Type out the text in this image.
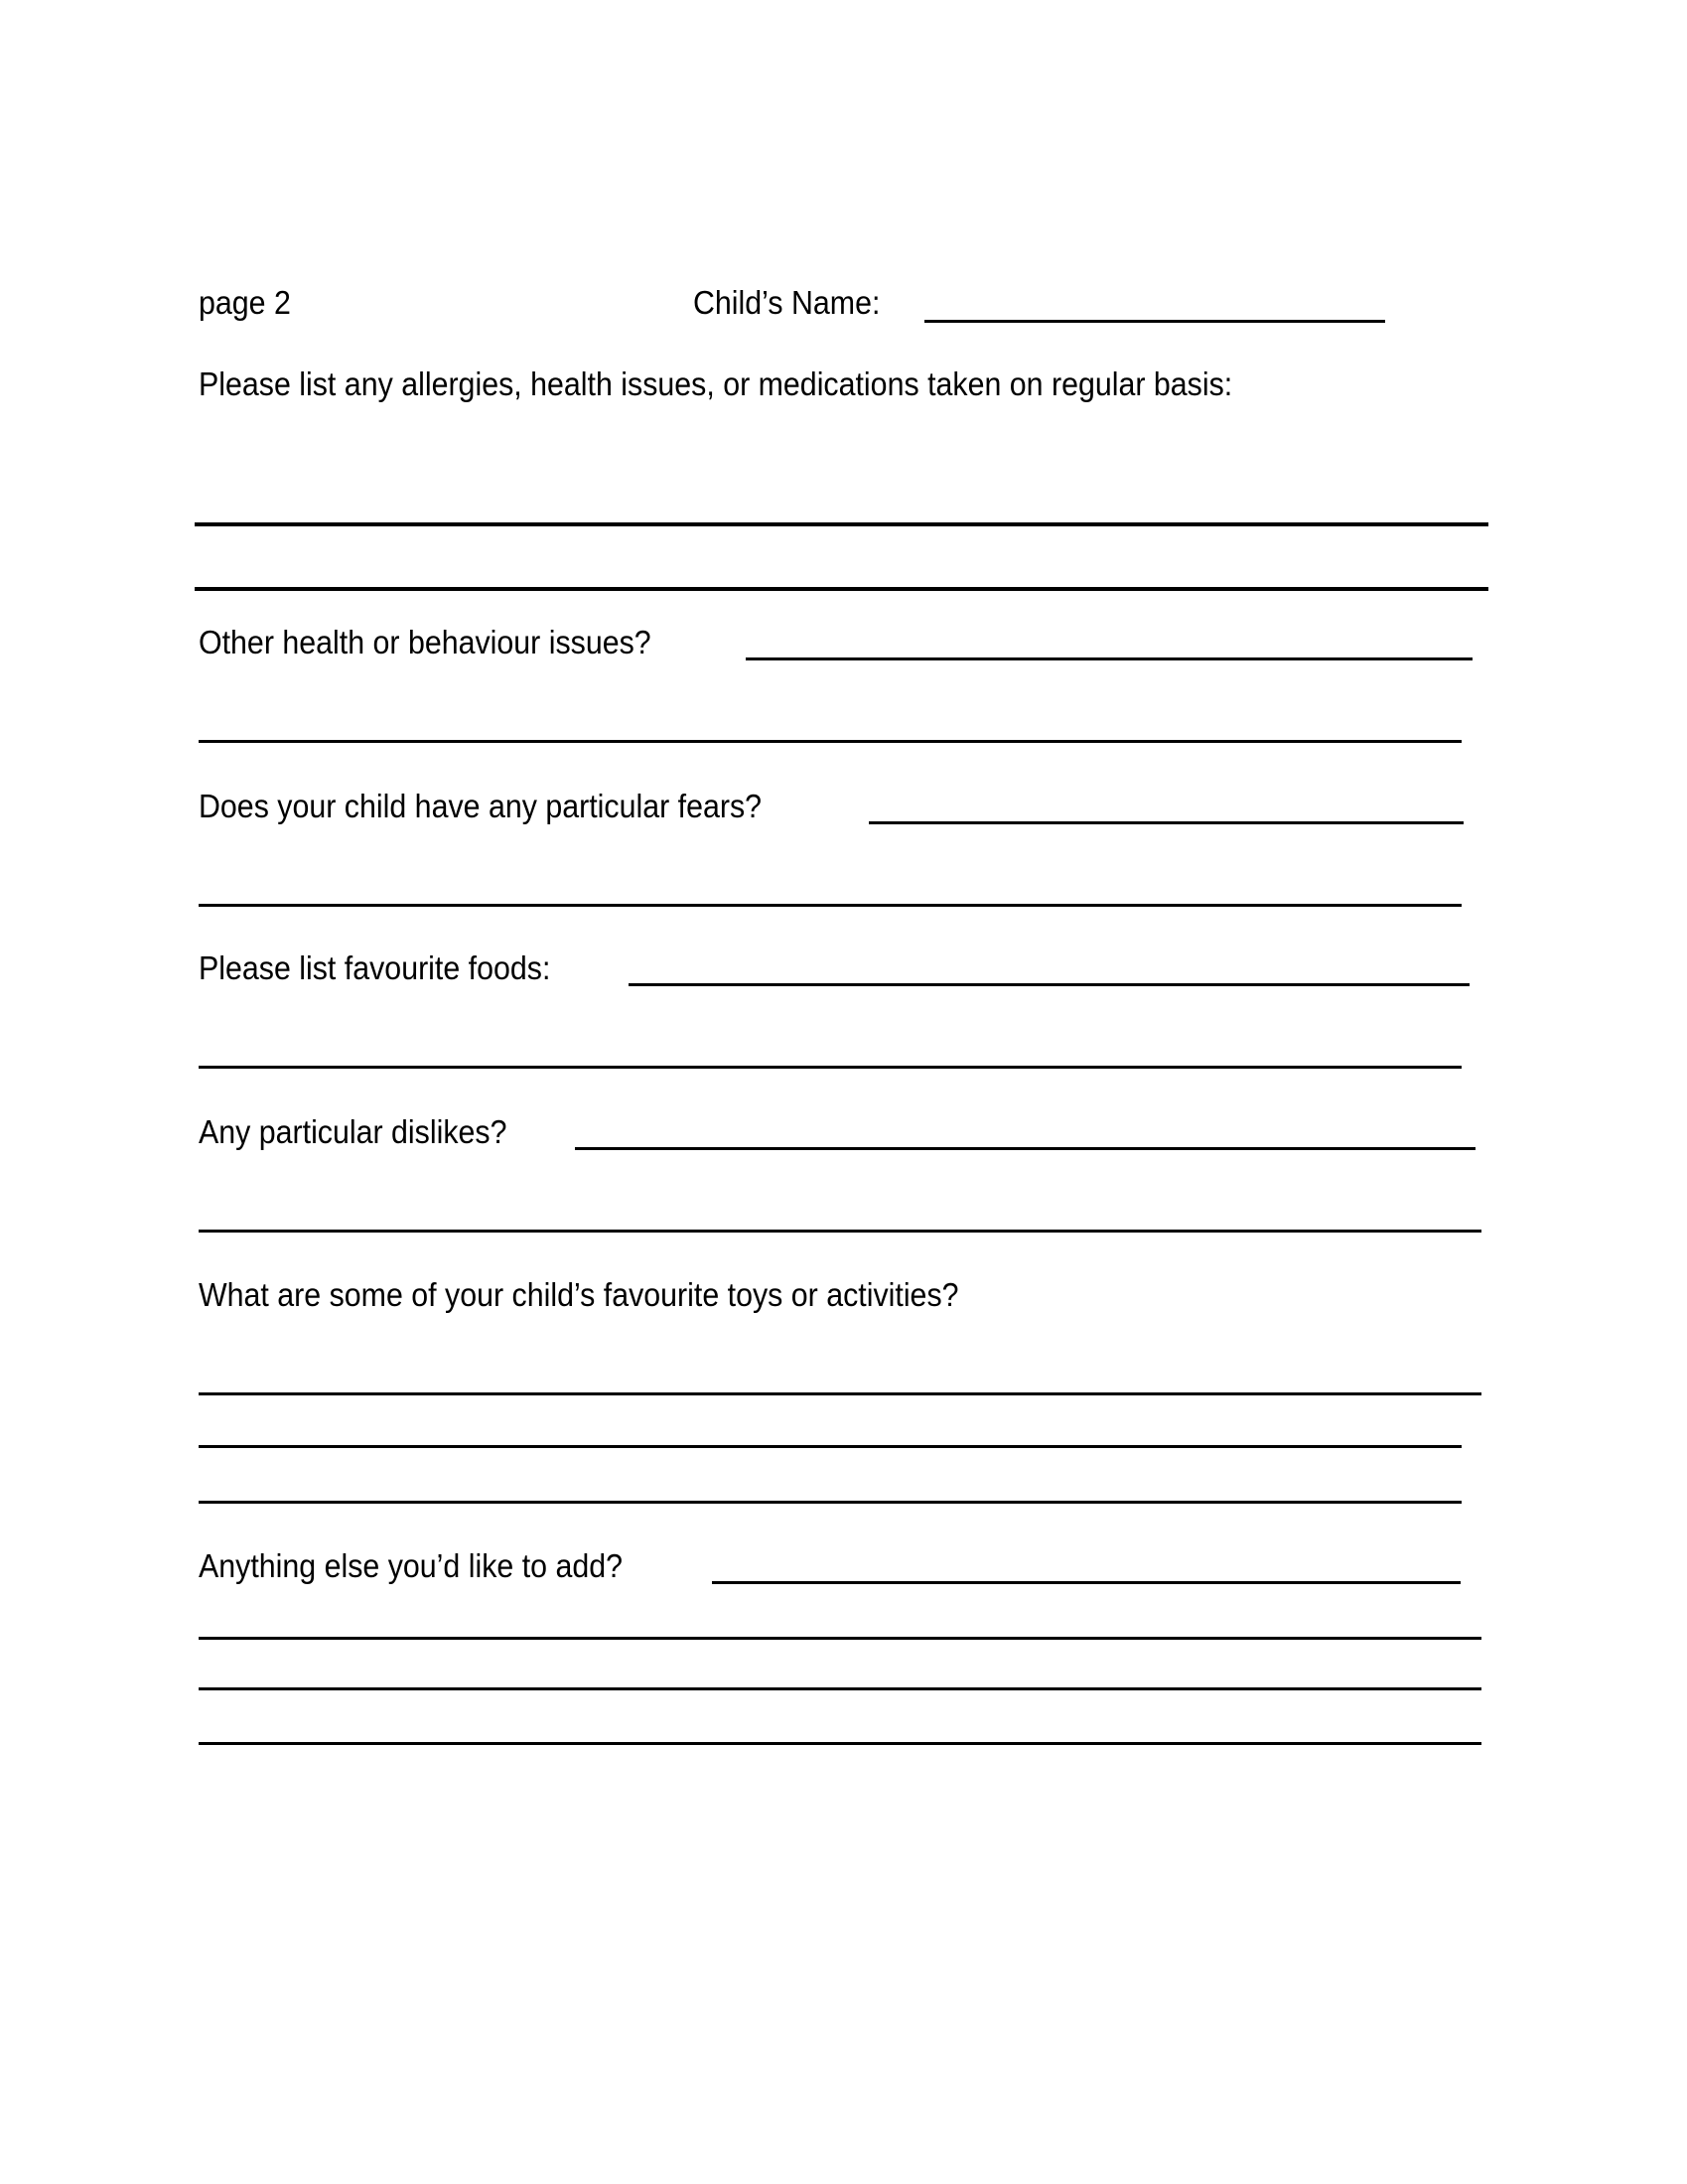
page 2	Child’s Name:
Please list any allergies, health issues, or medications taken on regular basis:
Other health or behaviour issues?
Does your child have any particular fears?
Please list favourite foods:
Any particular dislikes?
What are some of your child’s favourite toys or activities?
Anything else you’d like to add?
